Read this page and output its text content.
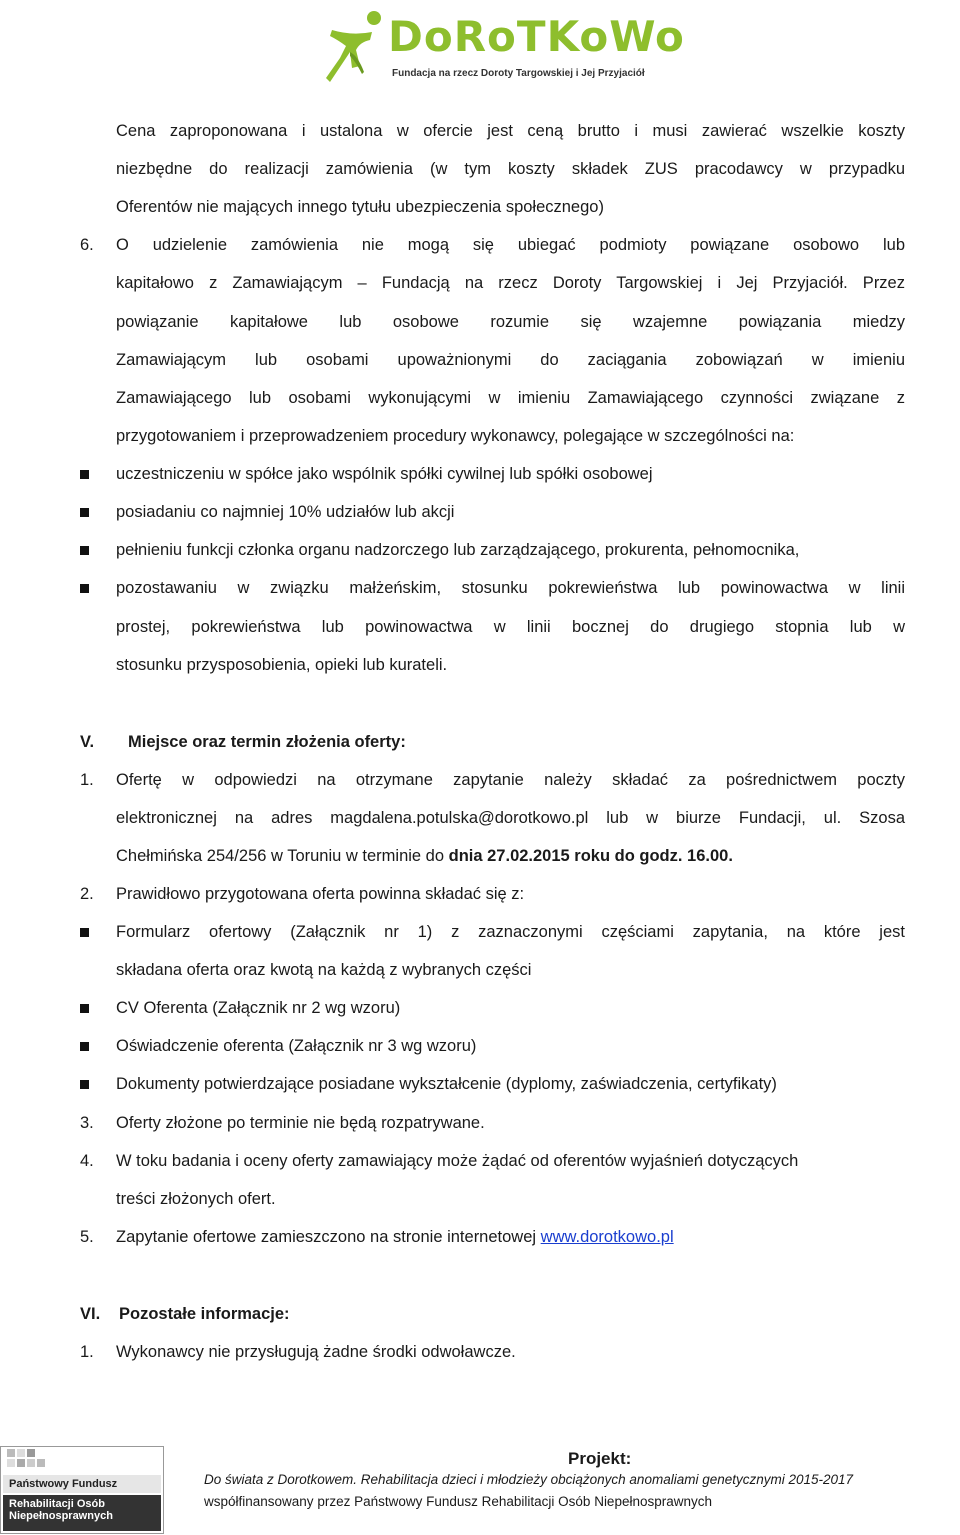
DoRoTKoWo
Fundacja na rzecz Doroty Targowskiej i Jej Przyjaciół
Cena zaproponowana i ustalona w ofercie jest ceną brutto i musi zawierać wszelkie koszty
niezbędne do realizacji zamówienia (w tym koszty składek ZUS pracodawcy w przypadku
Oferentów nie mających innego tytułu ubezpieczenia społecznego)
6. O udzielenie zamówienia nie mogą się ubiegać podmioty powiązane osobowo lub
kapitałowo z Zamawiającym – Fundacją na rzecz Doroty Targowskiej i Jej Przyjaciół. Przez
powiązanie kapitałowe lub osobowe rozumie się wzajemne powiązania miedzy
Zamawiającym lub osobami upoważnionymi do zaciągania zobowiązań w imieniu
Zamawiającego lub osobami wykonującymi w imieniu Zamawiającego czynności związane z
przygotowaniem i przeprowadzeniem procedury wykonawcy, polegające w szczególności na:
uczestniczeniu w spółce jako wspólnik spółki cywilnej lub spółki osobowej
posiadaniu co najmniej 10% udziałów lub akcji
pełnieniu funkcji członka organu nadzorczego lub zarządzającego, prokurenta, pełnomocnika,
pozostawaniu w związku małżeńskim, stosunku pokrewieństwa lub powinowactwa w linii
prostej, pokrewieństwa lub powinowactwa w linii bocznej do drugiego stopnia lub w
stosunku przysposobienia, opieki lub kurateli.
V. Miejsce oraz termin złożenia oferty:
1. Ofertę w odpowiedzi na otrzymane zapytanie należy składać za pośrednictwem poczty
elektronicznej na adres magdalena.potulska@dorotkowo.pl lub w biurze Fundacji, ul. Szosa
Chełmińska 254/256 w Toruniu w terminie do dnia 27.02.2015 roku do godz. 16.00.
2. Prawidłowo przygotowana oferta powinna składać się z:
Formularz ofertowy (Załącznik nr 1) z zaznaczonymi częściami zapytania, na które jest
składana oferta oraz kwotą na każdą z wybranych części
CV Oferenta (Załącznik nr 2 wg wzoru)
Oświadczenie oferenta (Załącznik nr 3 wg wzoru)
Dokumenty potwierdzające posiadane wykształcenie (dyplomy, zaświadczenia, certyfikaty)
3. Oferty złożone po terminie nie będą rozpatrywane.
4. W toku badania i oceny oferty zamawiający może żądać od oferentów wyjaśnień dotyczących
treści złożonych ofert.
5. Zapytanie ofertowe zamieszczono na stronie internetowej www.dorotkowo.pl
VI. Pozostałe informacje:
1. Wykonawcy nie przysługują żadne środki odwoławcze.
Państwowy Fundusz
Rehabilitacji Osób
Niepełnosprawnych
Projekt:
Do świata z Dorotkowem. Rehabilitacja dzieci i młodzieży obciążonych anomaliami genetycznymi 2015-2017
współfinansowany przez Państwowy Fundusz Rehabilitacji Osób Niepełnosprawnych
